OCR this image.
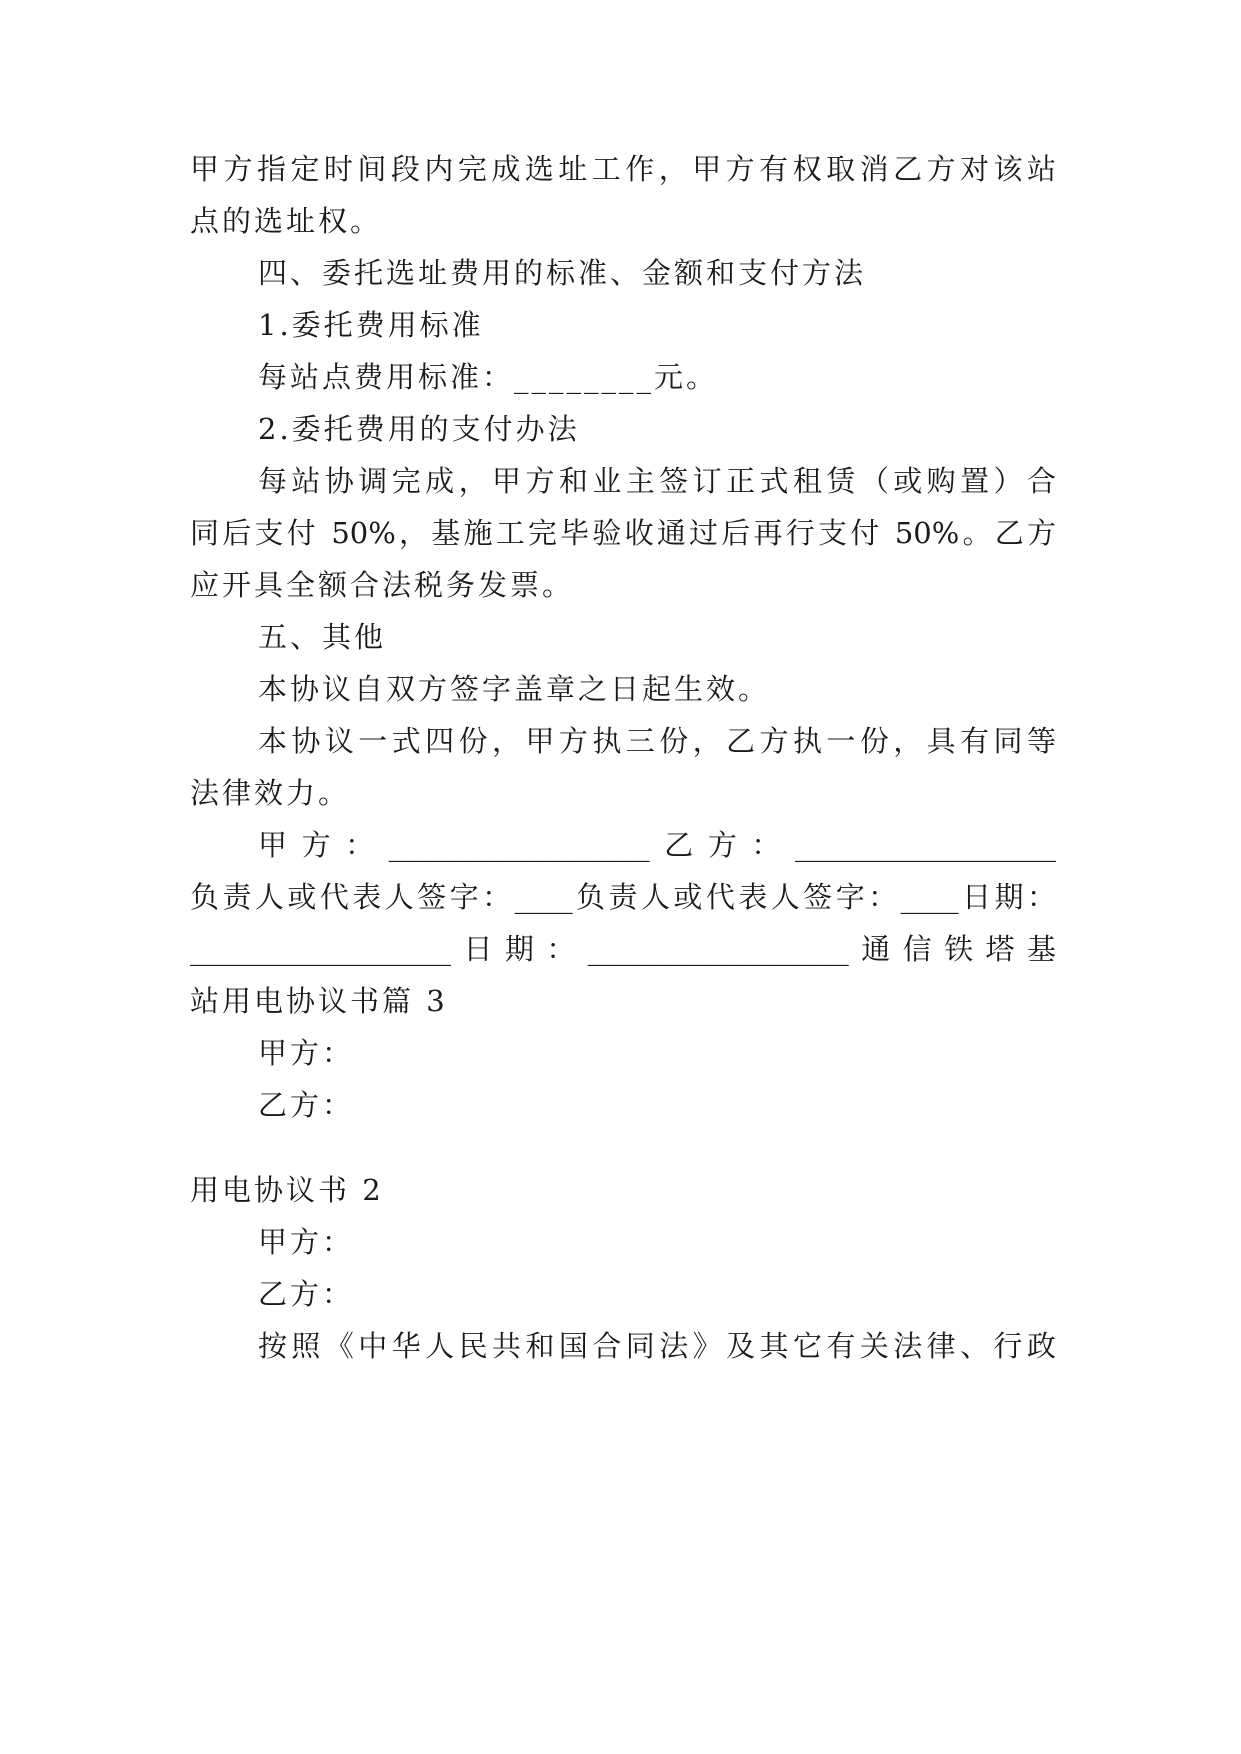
甲方指定时间段内完成选址工作，甲方有权取消乙方对该站
点的选址权。
四、委托选址费用的标准、金额和支付方法
1.委托费用标准
每站点费用标准：________元。
2.委托费用的支付办法
每站协调完成，甲方和业主签订正式租赁（或购置）合
同后支付 50%，基施工完毕验收通过后再行支付 50%。乙方
应开具全额合法税务发票。
五、其他
本协议自双方签字盖章之日起生效。
本协议一式四份，甲方执三份，乙方执一份，具有同等
法律效力。
甲方：__________________乙方：__________________
负责人或代表人签字：____负责人或代表人签字：____日期：
__________________日期：__________________通信铁塔基
站用电协议书篇 3
甲方：
乙方：
用电协议书 2
甲方：
乙方：
按照《中华人民共和国合同法》及其它有关法律、行政
